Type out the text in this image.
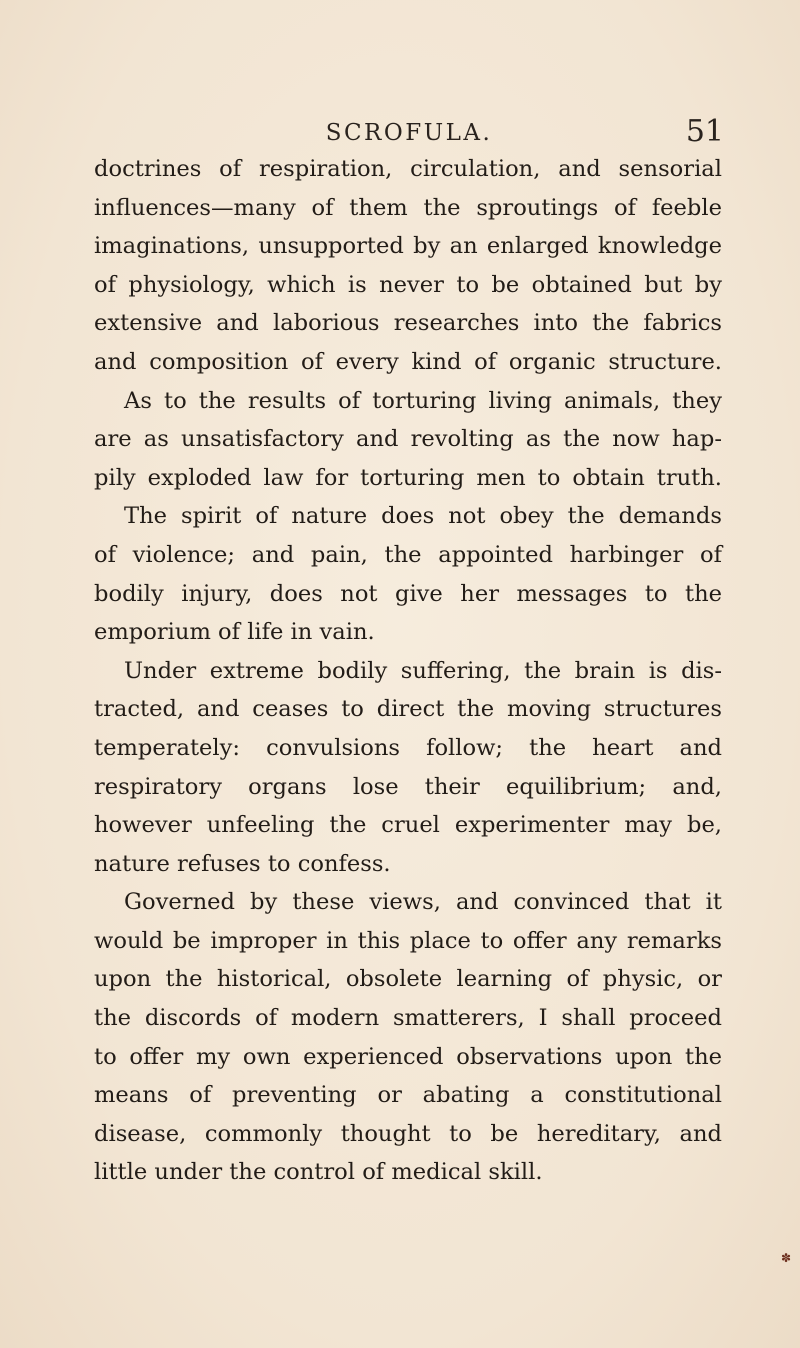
SCROFULA.	51
doctrines of respiration, circulation, and sensorial
influences—many of them the sproutings of feeble
imaginations, unsupported by an enlarged knowledge
of physiology, which is never to be obtained but by
extensive and laborious researches into the fabrics
and composition of every kind of organic structure.
As to the results of torturing living animals, they
are as unsatisfactory and revolting as the now hap-
pily exploded law for torturing men to obtain truth.
The spirit of nature does not obey the demands
of violence; and pain, the appointed harbinger of
bodily injury, does not give her messages to the
emporium of life in vain.
Under extreme bodily suffering, the brain is dis-
tracted, and ceases to direct the moving structures
temperately: convulsions follow; the heart and
respiratory organs lose their equilibrium; and,
however unfeeling the cruel experimenter may be,
nature refuses to confess.
Governed by these views, and convinced that it
would be improper in this place to offer any remarks
upon the historical, obsolete learning of physic, or
the discords of modern smatterers, I shall proceed
to offer my own experienced observations upon the
means of preventing or abating a constitutional
disease, commonly thought to be hereditary, and
little under the control of medical skill.
✽
